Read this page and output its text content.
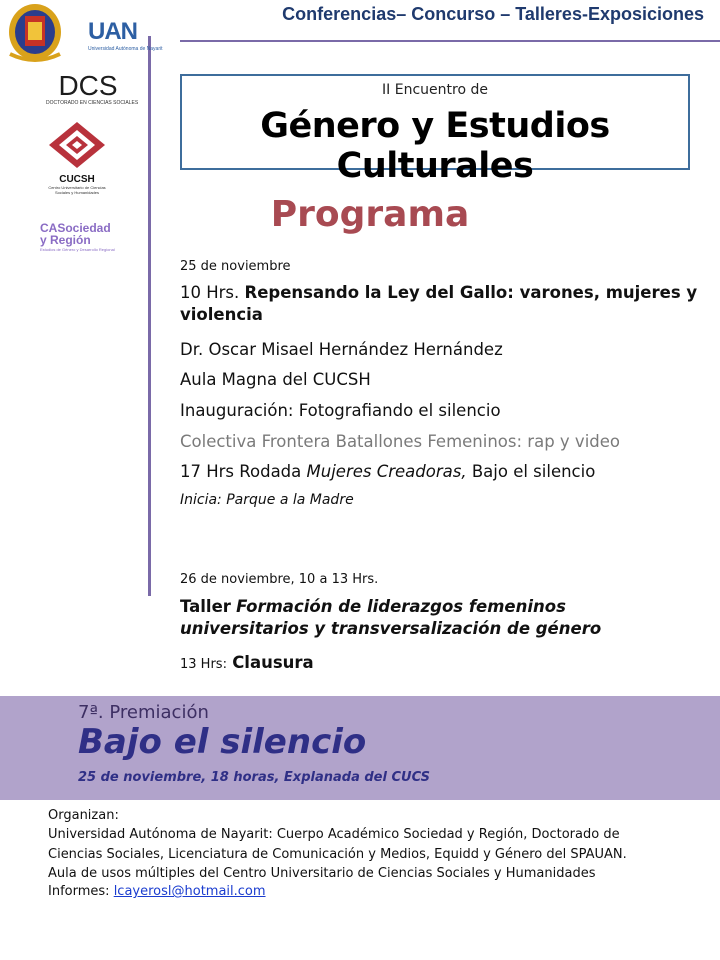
Conferencias– Concurso – Talleres-Exposiciones
UAN
Universidad Autónoma de Nayarit
DCS
DOCTORADO EN CIENCIAS SOCIALES
CUCSH
Centro Universitario de Ciencias Sociales y Humanidades
CASociedad
y Región
Estudios de Género y Desarrollo Regional
II Encuentro de
Género y Estudios Culturales
Programa
25 de noviembre
10 Hrs. Repensando la Ley del Gallo: varones, mujeres y violencia
Dr. Oscar Misael Hernández Hernández
Aula Magna del CUCSH
Inauguración: Fotografiando el silencio
Colectiva Frontera Batallones Femeninos: rap y video
17 Hrs Rodada Mujeres Creadoras, Bajo el silencio
Inicia: Parque a la Madre
26 de noviembre, 10 a 13 Hrs.
Taller Formación de liderazgos femeninos universitarios y transversalización de género
13 Hrs: Clausura
7ª. Premiación
Bajo el silencio
25 de noviembre, 18 horas, Explanada del CUCS
Organizan:
Universidad Autónoma de Nayarit: Cuerpo Académico Sociedad y Región, Doctorado de
Ciencias Sociales, Licenciatura de Comunicación y Medios, Equidd y Género del SPAUAN.
Aula de usos múltiples del Centro Universitario de Ciencias Sociales y Humanidades
Informes: lcayerosl@hotmail.com
